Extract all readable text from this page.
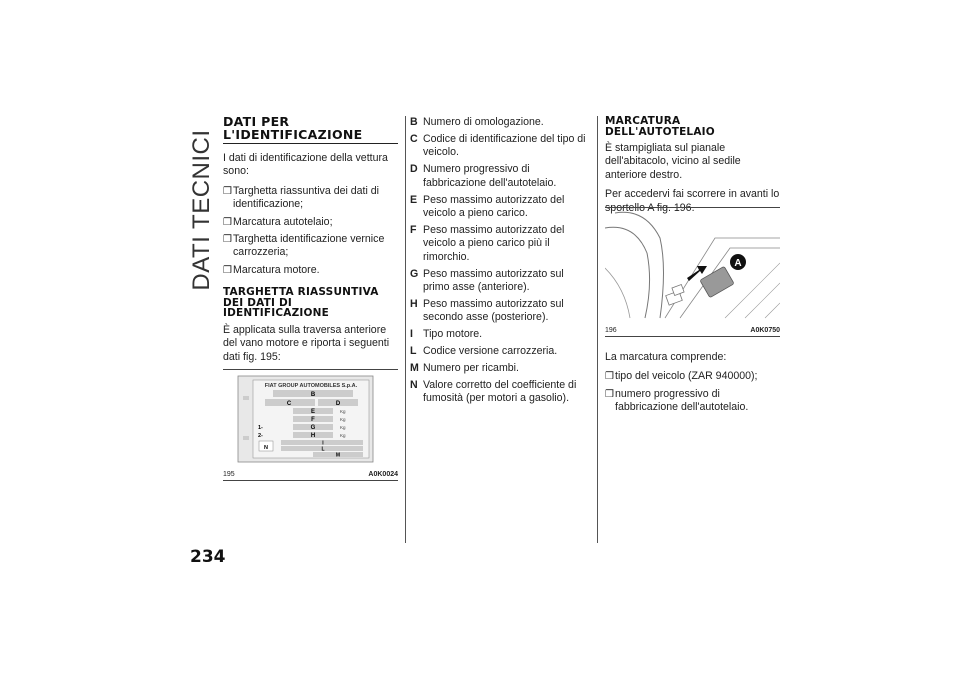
DATI TECNICI
234
DATI PER L'IDENTIFICAZIONE

I dati di identificazione della vettura sono:

❒Targhetta riassuntiva dei dati di identificazione;
❒Marcatura autotelaio;
❒Targhetta identificazione vernice carrozzeria;
❒Marcatura motore.
TARGHETTA RIASSUNTIVA DEI DATI DI IDENTIFICAZIONE

È applicata sulla traversa anteriore del vano motore e riporta i seguenti dati fig. 195:

FIAT GROUP AUTOMOBILES S.p.A.
B
C	D
E	Kg
F	Kg
1-	G	Kg
2-	H	Kg
I
L
N
M
195	A0K0024
B Numero di omologazione.
C Codice di identificazione del tipo di veicolo.
D Numero progressivo di fabbricazione dell'autotelaio.
E Peso massimo autorizzato del veicolo a pieno carico.
F Peso massimo autorizzato del veicolo a pieno carico più il rimorchio.
G Peso massimo autorizzato sul primo asse (anteriore).
H Peso massimo autorizzato sul secondo asse (posteriore).
I Tipo motore.
L Codice versione carrozzeria.
M Numero per ricambi.
N Valore corretto del coefficiente di fumosità (per motori a gasolio).
MARCATURA DELL'AUTOTELAIO

È stampigliata sul pianale dell'abitacolo, vicino al sedile anteriore destro.

Per accedervi fai scorrere in avanti lo sportello A fig. 196.

A
196	A0K0750

La marcatura comprende:

❒tipo del veicolo (ZAR 940000);
❒numero progressivo di fabbricazione dell'autotelaio.
